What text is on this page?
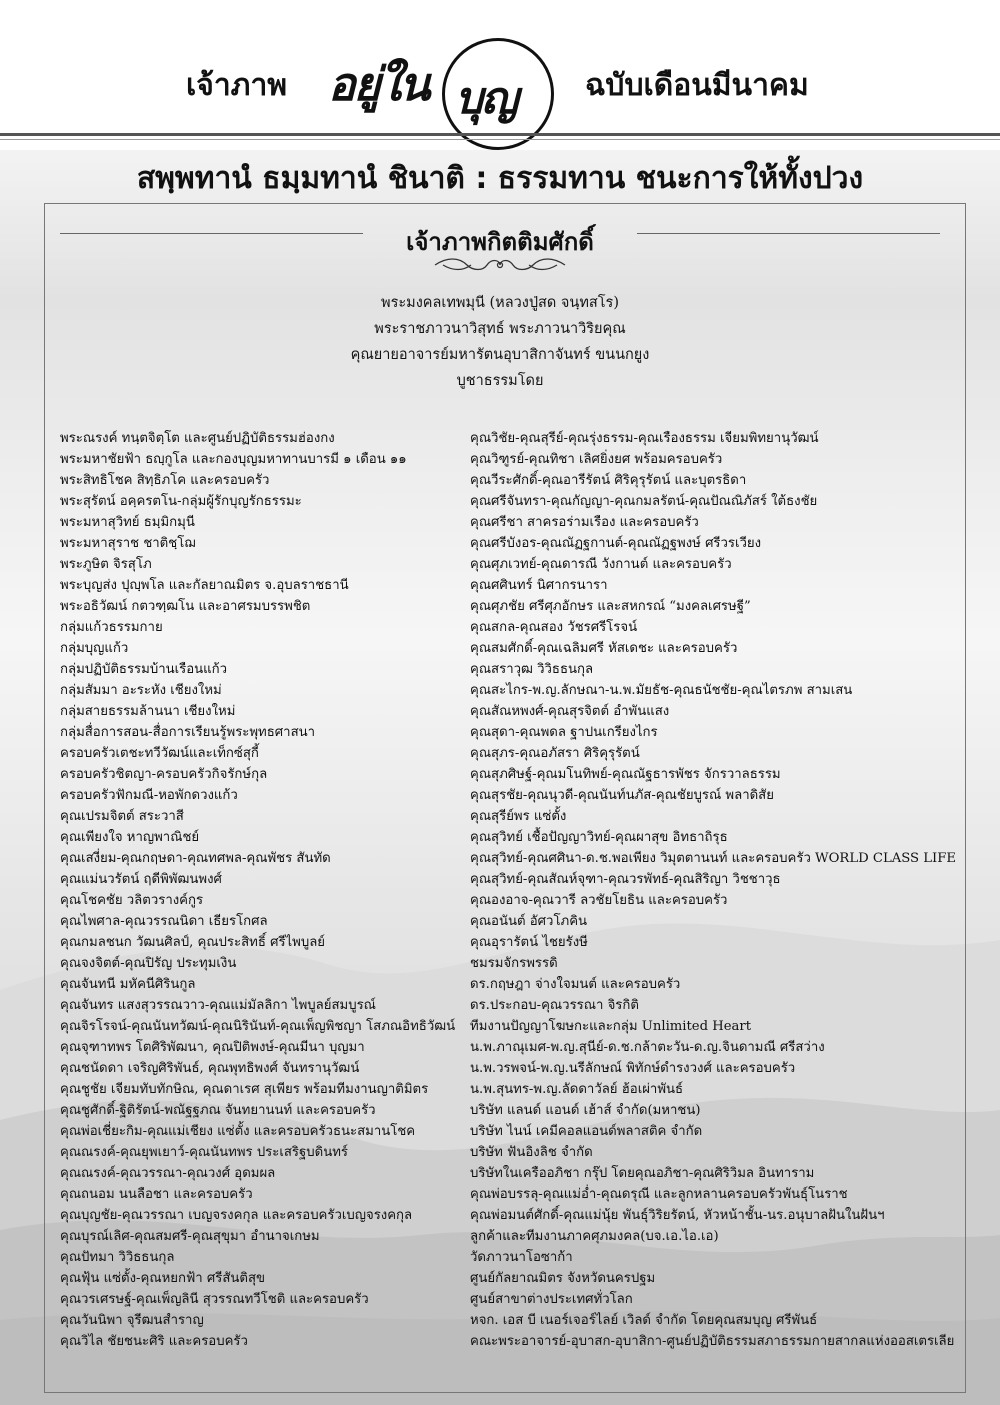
เจ้าภาพ อยู่ใน บุญ ฉบับเดือนมีนาคม
สพฺพทานํ ธมฺมทานํ ชินาติ : ธรรมทาน ชนะการให้ทั้งปวง
เจ้าภาพกิตติมศักดิ์
พระมงคลเทพมุนี (หลวงปู่สด จนฺทสโร)
พระราชภาวนาวิสุทธ์ พระภาวนาวิริยคุณ
คุณยายอาจารย์มหารัตนอุบาสิกาจันทร์ ขนนกยูง
บูชาธรรมโดย
พระณรงค์ ทนฺตจิตฺโต และศูนย์ปฏิบัติธรรมฮ่องกง
พระมหาชัยฟ้า ธญฺกูโล และกองบุญมหาทานบารมี ๑ เดือน ๑๑
พระสิทธิโชค สิทฺธิภโค และครอบครัว
พระสุรัตน์ อคฺครตโน-กลุ่มผู้รักบุญรักธรรมะ
พระมหาสุวิทย์ ธมฺมิกมุนี
พระมหาสุราช ชาติชฺโฌ
พระภูษิต จิรสุโภ
พระบุญส่ง ปุญฺพโล และกัลยาณมิตร จ.อุบลราชธานี
พระอธิวัฒน์ กตวฑฺฒโน และอาศรมบรรพชิต
กลุ่มแก้วธรรมกาย
กลุ่มบุญแก้ว
กลุ่มปฏิบัติธรรมบ้านเรือนแก้ว
กลุ่มสัมมา อะระหัง เชียงใหม่
กลุ่มสายธรรมล้านนา เชียงใหม่
กลุ่มสื่อการสอน-สื่อการเรียนรู้พระพุทธศาสนา
ครอบครัวเตชะทวีวัฒน์และเท็กซ์สุกี้
ครอบครัวชิตญา-ครอบครัวกิจรักษ์กุล
ครอบครัวฟักมณี-หอพักดวงแก้ว
คุณเปรมจิตต์ สระวาสี
คุณเพียงใจ หาญพาณิชย์
คุณเสงี่ยม-คุณกฤษดา-คุณทศพล-คุณพัชร สันทัด
คุณแม่นวรัตน์ ฤดีพิพัฒนพงศ์
คุณโชคชัย วลิตวรางค์กูร
คุณไพศาล-คุณวรรณนิดา เธียรโกศล
คุณกมลชนก วัฒนศิลป์, คุณประสิทธิ์ ศรีไพบูลย์
คุณจงจิตต์-คุณปิรัญ ประทุมเงิน
คุณจันทนี มหัคนีศิรินกูล
คุณจันทร แสงสุวรรณวาว-คุณแม่มัลลิกา ไพบูลย์สมบูรณ์
คุณจิรโรจน์-คุณนันทวัฒน์-คุณนิรินันท์-คุณเพ็ญพิชญา โสภณอิทธิวัฒน์
คุณจุฑาทพร โตศิริพัฒนา, คุณปิติพงษ์-คุณมีนา บุญมา
คุณชนัดดา เจริญศิริพันธ์, คุณพุทธิพงศ์ จันทรานุวัฒน์
คุณชูชัย เจียมทับทักษิณ, คุณดาเรศ สุเพียร พร้อมทีมงานญาติมิตร
คุณชูศักดิ์-ฐิติรัตน์-พณัฐฐภณ จันทยานนท์ และครอบครัว
คุณพ่อเชี่ยะกิม-คุณแม่เชียง แซ่ตั้ง และครอบครัวธนะสมานโชค
คุณณรงค์-คุณยุพเยาว์-คุณนันทพร ประเสริฐบดินทร์
คุณณรงค์-คุณวรรณา-คุณวงศ์ อุดมผล
คุณถนอม นนลือชา และครอบครัว
คุณบุญชัย-คุณวรรณา เบญจรงคกุล และครอบครัวเบญจรงคกุล
คุณบุรณ์เลิศ-คุณสมศรี-คุณสุขุมา อำนาจเกษม
คุณปัทมา วิวิธธนกุล
คุณฟุ้น แซ่ตั้ง-คุณหยกฟ้า ศรีสันติสุข
คุณวรเศรษฐ์-คุณเพ็ญลินี สุวรรณทวีโชติ และครอบครัว
คุณวันนิพา จุรีฒนสำราญ
คุณวิไล ชัยชนะศิริ และครอบครัว
คุณวิชัย-คุณสุรีย์-คุณรุ่งธรรม-คุณเรืองธรรม เจียมพิทยานุวัฒน์
คุณวิฑูรย์-คุณทิชา เลิศยิ่งยศ พร้อมครอบครัว
คุณวีระศักดิ์-คุณอารีรัตน์ ศิริคุรุรัตน์ และบุตรธิดา
คุณศรีจันทรา-คุณกัญญา-คุณกมลรัตน์-คุณปัณณิภัสร์ ใต้ธงชัย
คุณศรีชา สาครอร่ามเรือง และครอบครัว
คุณศรีบังอร-คุณณัฏฐกานต์-คุณณัฏฐพงษ์ ศรีวรเวียง
คุณศุภเวทย์-คุณดารณี วังกานต์ และครอบครัว
คุณศศินทร์ นิศากรนารา
คุณศุภชัย ศรีศุภอักษร และสหกรณ์ “มงคลเศรษฐี”
คุณสกล-คุณสอง วัชรศรีโรจน์
คุณสมศักดิ์-คุณเฉลิมศรี หัสเดชะ และครอบครัว
คุณสราวุฒ วิวิธธนกุล
คุณสะไกร-พ.ญ.ลักษณา-น.พ.มัยธัช-คุณธนัชชัย-คุณไตรภพ สามเสน
คุณสัณหพงศ์-คุณสุรจิตต์ อำพันแสง
คุณสุดา-คุณพดล ฐาปนเกรียงไกร
คุณสุภร-คุณอภัสรา ศิริคุรุรัตน์
คุณสุภศิษฐ์-คุณมโนทิพย์-คุณณัฐธารพัชร จักรวาลธรรม
คุณสุรชัย-คุณนุวดี-คุณนันท์นภัส-คุณชัยบูรณ์ พลาดิสัย
คุณสุรีย์พร แซ่ตั้ง
คุณสุวิทย์ เชื้อปัญญาวิทย์-คุณผาสุข อิทธาถิรุธ
คุณสุวิทย์-คุณศศินา-ด.ช.พอเพียง วิมุตตานนท์ และครอบครัว WORLD CLASS LIFE
คุณสุวิทย์-คุณสัณห์จุฑา-คุณวรพัทธ์-คุณสิริญา วิชชาวุธ
คุณองอาจ-คุณวารี ลวชัยโยธิน และครอบครัว
คุณอนันต์ อัศวโภคิน
คุณอุรารัตน์ ไชยรังษี
ชมรมจักรพรรดิ
ดร.กฤษฎา จ่างใจมนต์ และครอบครัว
ดร.ประกอบ-คุณวรรณา จิรกิติ
ทีมงานปัญญาโฆษกะและกลุ่ม Unlimited Heart
น.พ.ภาณุเมศ-พ.ญ.สุนีย์-ด.ช.กล้าตะวัน-ด.ญ.จินดามณี ศรีสว่าง
น.พ.วรพจน์-พ.ญ.นรีลักษณ์ พิทักษ์ดำรงวงศ์ และครอบครัว
น.พ.สุนทร-พ.ญ.ลัดดาวัลย์ ฮ้อเผ่าพันธ์
บริษัท แลนด์ แอนด์ เฮ้าส์ จำกัด(มหาชน)
บริษัท ไนน์ เคมีคอลแอนด์พลาสติค จำกัด
บริษัท ฟันอิงลิช จำกัด
บริษัทในเครืออภิชา กรุ๊ป โดยคุณอภิชา-คุณศิริวิมล อินทาราม
คุณพ่อบรรลุ-คุณแม่อ่ำ-คุณดรุณี และลูกหลานครอบครัวพันธุ์โนราช
คุณพ่อมนต์ศักดิ์-คุณแม่นุ้ย พันธุ์วิริยรัตน์, หัวหน้าชั้น-นร.อนุบาลฝันในฝันฯ
ลูกค้าและทีมงานภาคศุภมงคล(บจ.เอ.ไอ.เอ)
วัดภาวนาโอซาก้า
ศูนย์กัลยาณมิตร จังหวัดนครปฐม
ศูนย์สาขาต่างประเทศทั่วโลก
หจก. เอส บี เนอร์เจอร์ไลย์ เวิลด์ จำกัด โดยคุณสมบุญ ศรีพันธ์
คณะพระอาจารย์-อุบาสก-อุบาสิกา-ศูนย์ปฏิบัติธรรมสภาธรรมกายสากลแห่งออสเตรเลีย
